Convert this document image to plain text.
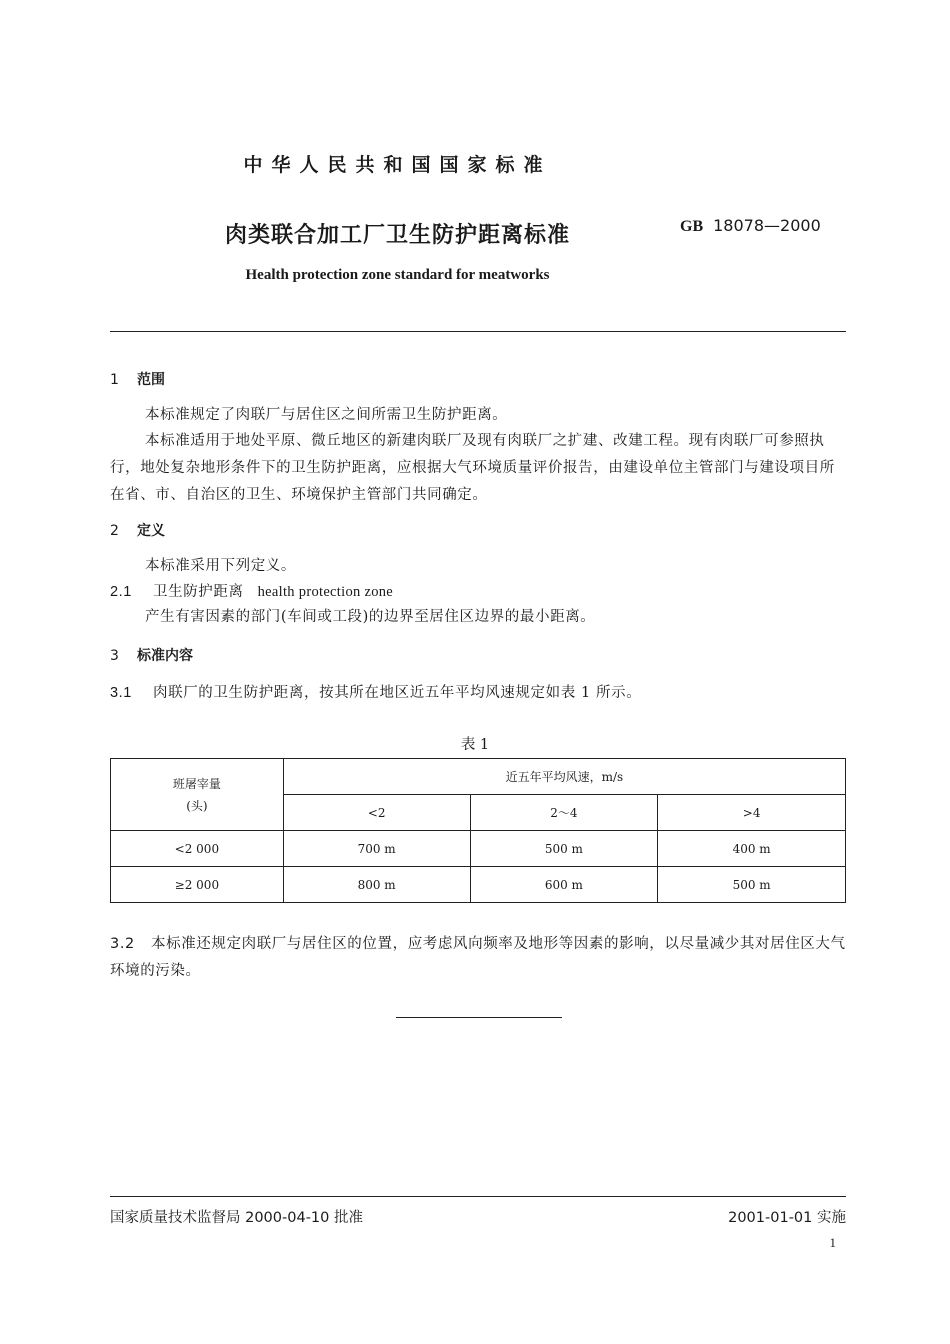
中华人民共和国国家标准
肉类联合加工厂卫生防护距离标准	GB 18078—2000
Health protection zone standard for meatworks
1 范围
本标准规定了肉联厂与居住区之间所需卫生防护距离。
本标准适用于地处平原、微丘地区的新建肉联厂及现有肉联厂之扩建、改建工程。现有肉联厂可参照执行，地处复杂地形条件下的卫生防护距离，应根据大气环境质量评价报告，由建设单位主管部门与建设项目所在省、市、自治区的卫生、环境保护主管部门共同确定。
2 定义
本标准采用下列定义。
2.1 卫生防护距离 health protection zone
产生有害因素的部门(车间或工段)的边界至居住区边界的最小距离。
3 标准内容
3.1 肉联厂的卫生防护距离，按其所在地区近五年平均风速规定如表 1 所示。
表 1
班屠宰量
(头)	近五年平均风速，m/s		
	<2	2～4	>4
<2 000	700 m	500 m	400 m
≥2 000	800 m	600 m	500 m
3.2 本标准还规定肉联厂与居住区的位置，应考虑风向频率及地形等因素的影响，以尽量减少其对居住区大气环境的污染。
国家质量技术监督局 2000-04-10 批准	2001-01-01 实施
1
